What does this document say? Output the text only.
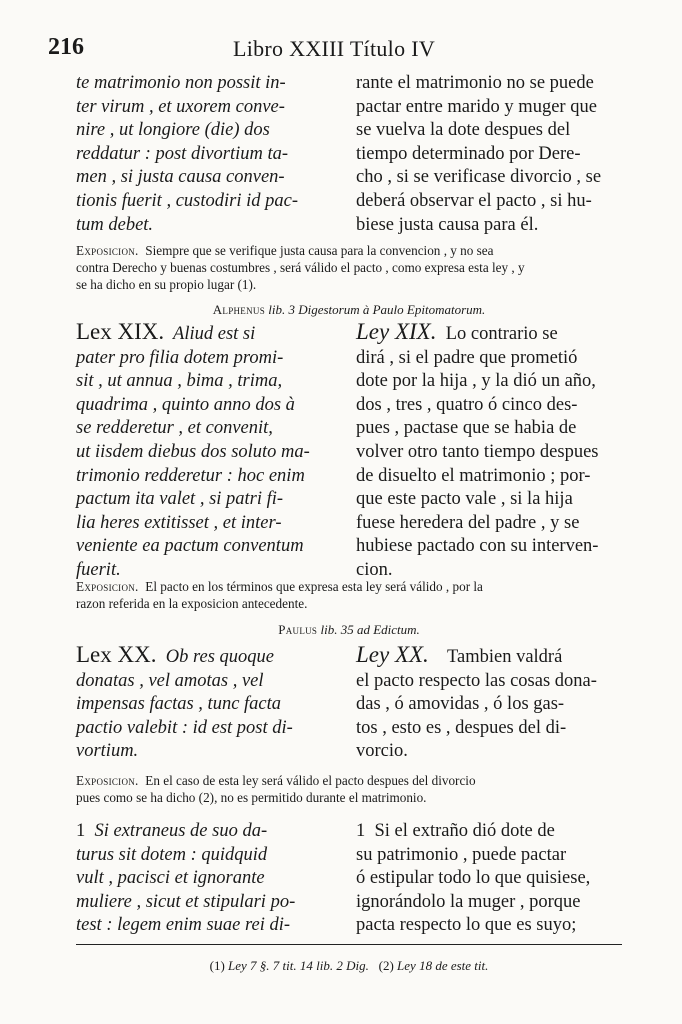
216	Libro XXIII Título IV
te matrimonio non possit in-
ter virum , et uxorem conve-
nire , ut longiore (die) dos
reddatur : post divortium ta-
men , si justa causa conven-
tionis fuerit , custodiri id pac-
tum debet.
rante el matrimonio no se puede
pactar entre marido y muger que
se vuelva la dote despues del
tiempo determinado por Dere-
cho , si se verificase divorcio , se
deberá observar el pacto , si hu-
biese justa causa para él.
Exposicion.  Siempre que se verifique justa causa para la convencion , y no sea
contra Derecho y buenas costumbres , será válido el pacto , como expresa esta ley , y
se ha dicho en su propio lugar (1).
Alphenus lib. 3 Digestorum à Paulo Epitomatorum.
Lex XIX.  Aliud est si
pater pro filia dotem promi-
sit , ut annua , bima , trima,
quadrima , quinto anno dos à
se redderetur , et convenit,
ut iisdem diebus dos soluto ma-
trimonio redderetur : hoc enim
pactum ita valet , si patri fi-
lia heres extitisset , et inter-
veniente ea pactum conventum
fuerit.
Ley XIX.  Lo contrario se
dirá , si el padre que prometió
dote por la hija , y la dió un año,
dos , tres , quatro ó cinco des-
pues , pactase que se habia de
volver otro tanto tiempo despues
de disuelto el matrimonio ; por-
que este pacto vale , si la hija
fuese heredera del padre , y se
hubiese pactado con su interven-
cion.
Exposicion.  El pacto en los términos que expresa esta ley será válido , por la
razon referida en la exposicion antecedente.
Paulus lib. 35 ad Edictum.
Lex XX.  Ob res quoque
donatas , vel amotas , vel
impensas factas , tunc facta
pactio valebit : id est post di-
vortium.
Ley XX.    Tambien valdrá
el pacto respecto las cosas dona-
das , ó amovidas , ó los gas-
tos , esto es , despues del di-
vorcio.
Exposicion.  En el caso de esta ley será válido el pacto despues del divorcio
pues como se ha dicho (2), no es permitido durante el matrimonio.
1  Si extraneus de suo da-
turus sit dotem : quidquid
vult , pacisci et ignorante
muliere , sicut et stipulari po-
test : legem enim suae rei di-
1  Si el extraño dió dote de
su patrimonio , puede pactar
ó estipular todo lo que quisiese,
ignorándolo la muger , porque
pacta respecto lo que es suyo;
(1) Ley 7 §. 7 tit. 14 lib. 2 Dig. (2) Ley 18 de este tit.
